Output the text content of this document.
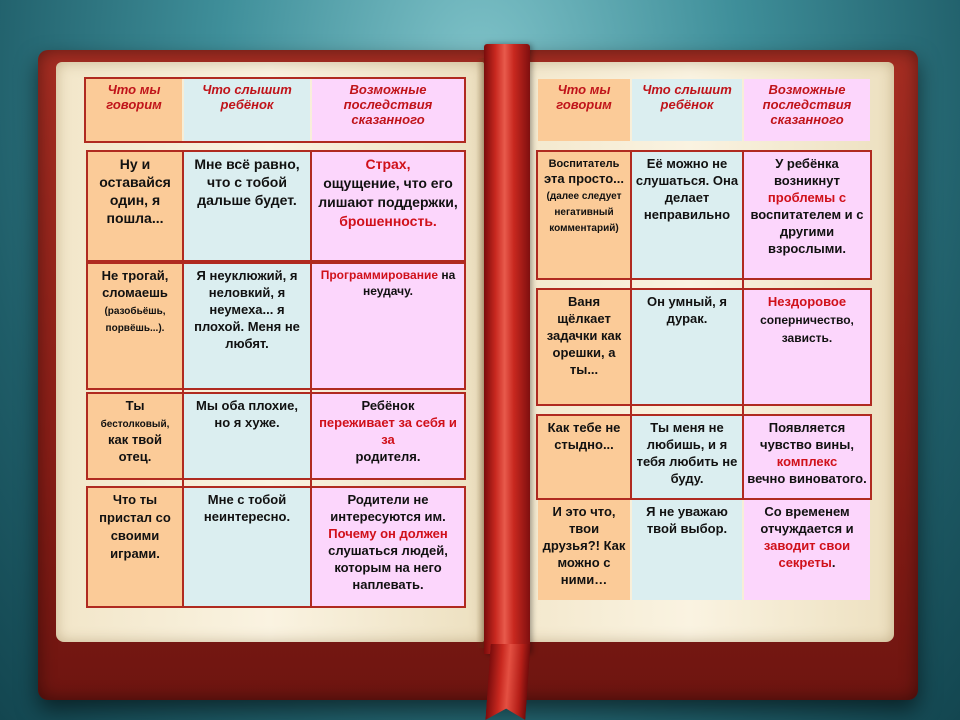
Что мы говорим
Что слышит ребёнок
Возможные последствия сказанного
Ну и оставайся один, я пошла...
Мне всё равно, что с тобой дальше будет.
Страх,
ощущение, что его лишают поддержки,
брошенность.
Не трогай, сломаешь
(разобьёшь, порвёшь...).
Я неуклюжий, я неловкий, я неумеха... я плохой. Меня не любят.
Программирование на неудачу.
Ты
бестолковый,
как твой отец.
Мы оба плохие, но я хуже.
Ребёнок
переживает за себя и за
родителя.
Что ты пристал со своими играми.
Мне с тобой неинтересно.
Родители не интересуются им.
Почему он должен
слушаться людей, которым на него наплевать.
Что мы говорим
Что слышит ребёнок
Возможные последствия сказанного
Воспитатель
эта просто...
(далее следует негативный комментарий)
Её можно не слушаться. Она делает неправильно
У ребёнка возникнут
проблемы с
воспитателем и с другими взрослыми.
Ваня щёлкает задачки как орешки, а ты...
Он умный, я дурак.
Нездоровое
соперничество, зависть.
Как тебе не стыдно...
Ты меня не любишь, и я тебя любить не буду.
Появляется чувство вины,
комплекс
вечно виноватого.
И это что, твои друзья?! Как можно с ними…
Я не уважаю твой выбор.
Со временем отчуждается и
заводит свои секреты.
